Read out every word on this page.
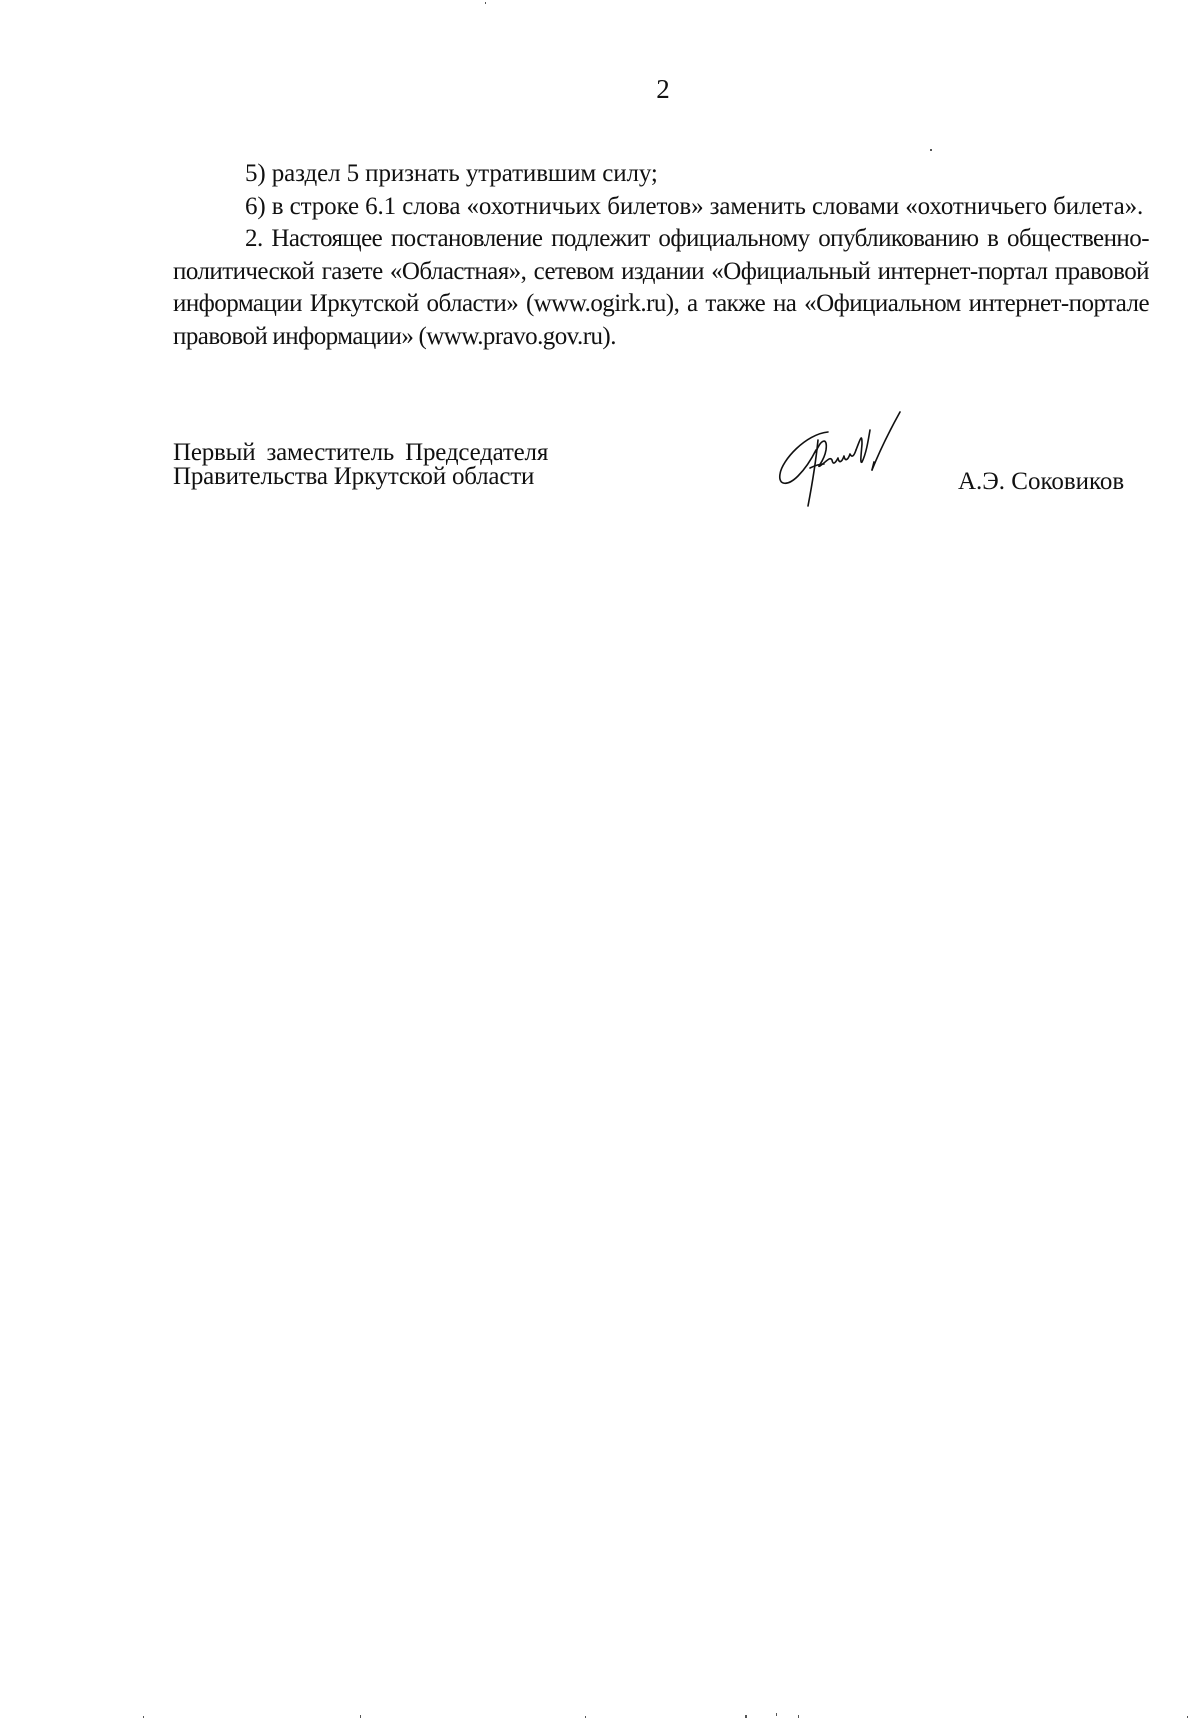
2

5) раздел 5 признать утратившим силу;

6) в строке 6.1 слова «охотничьих билетов» заменить словами «охотничьего билета».

2. Настоящее постановление подлежит официальному опубликованию в общественно-политической газете «Областная», сетевом издании «Официальный интернет-портал правовой информации Иркутской области» (www.ogirk.ru), а также на «Официальном интернет-портале правовой информации» (www.pravo.gov.ru).

Первый заместитель Председателя
Правительства Иркутской области	А.Э. Соковиков
